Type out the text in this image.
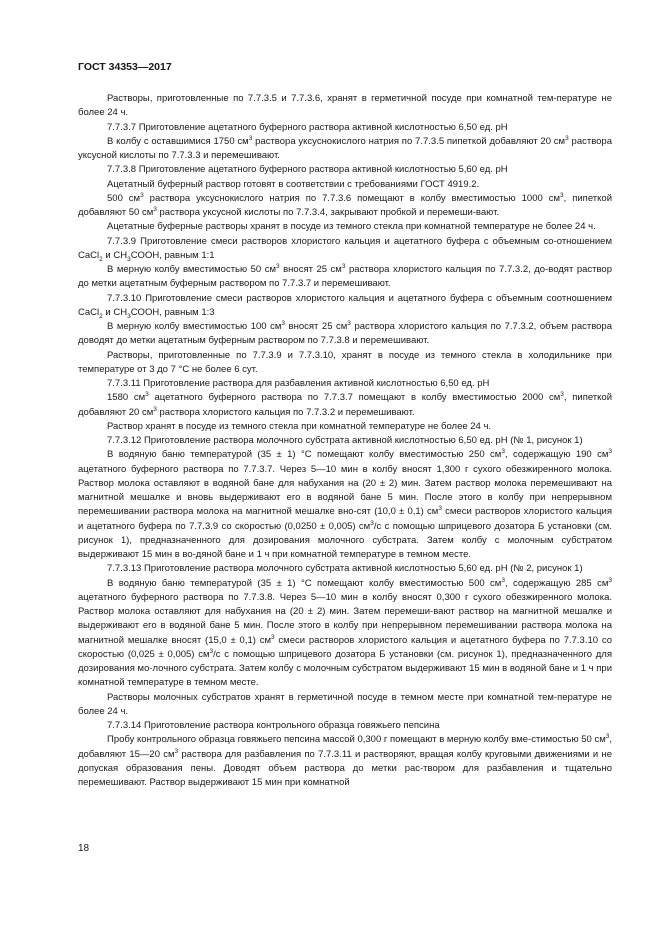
ГОСТ 34353—2017

Растворы, приготовленные по 7.7.3.5 и 7.7.3.6, хранят в герметичной посуде при комнатной тем-пературе не более 24 ч.

7.7.3.7 Приготовление ацетатного буферного раствора активной кислотностью 6,50 ед. рН

В колбу с оставшимися 1750 $см^3$ раствора уксуснокислого натрия по 7.7.3.5 пипеткой добавляют 20 $см^3$ раствора уксусной кислоты по 7.7.3.3 и перемешивают.

7.7.3.8 Приготовление ацетатного буферного раствора активной кислотностью 5,60 ед. рН

Ацетатный буферный раствор готовят в соответствии с требованиями ГОСТ 4919.2.

500 $см^3$ раствора уксуснокислого натрия по 7.7.3.6 помещают в колбу вместимостью 1000 $см^3$, пипеткой добавляют 50 $см^3$ раствора уксусной кислоты по 7.7.3.4, закрывают пробкой и перемеши-вают.

Ацетатные буферные растворы хранят в посуде из темного стекла при комнатной температуре не более 24 ч.

7.7.3.9 Приготовление смеси растворов хлористого кальция и ацетатного буфера с объемным со-отношением CaCl$_2$ и $CH_3COOH$, равным 1:1

В мерную колбу вместимостью 50 $см^3$ вносят 25 $см^3$ раствора хлористого кальция по 7.7.3.2, до-водят раствор до метки ацетатным буферным раствором по 7.7.3.7 и перемешивают.

7.7.3.10 Приготовление смеси растворов хлористого кальция и ацетатного буфера с объемным соотношением CaCl$_2$ и $CH_3COOH$, равным 1:3

В мерную колбу вместимостью 100 $см^3$ вносят 25 $см^3$ раствора хлористого кальция по 7.7.3.2, объем раствора доводят до метки ацетатным буферным раствором по 7.7.3.8 и перемешивают.

Растворы, приготовленные по 7.7.3.9 и 7.7.3.10, хранят в посуде из темного стекла в холодильнике при температуре от 3 до 7 °С не более 6 сут.

7.7.3.11 Приготовление раствора для разбавления активной кислотностью 6,50 ед. рН

1580 $см^3$ ацетатного буферного раствора по 7.7.3.7 помещают в колбу вместимостью 2000 $см^3$, пипеткой добавляют 20 $см^3$ раствора хлористого кальция по 7.7.3.2 и перемешивают.

Раствор хранят в посуде из темного стекла при комнатной температуре не более 24 ч.

7.7.3.12 Приготовление раствора молочного субстрата активной кислотностью 6,50 ед. рН (№ 1, рисунок 1)

В водяную баню температурой (35 ± 1) °С помещают колбу вместимостью 250 $см^3$, содержащую 190 $см^3$ ацетатного буферного раствора по 7.7.3.7. Через 5—10 мин в колбу вносят 1,300 г сухого обезжиренного молока. Раствор молока оставляют в водяной бане для набухания на (20 ± 2) мин. Затем раствор молока перемешивают на магнитной мешалке и вновь выдерживают его в водяной бане 5 мин. После этого в колбу при непрерывном перемешивании раствора молока на магнитной мешалке вно-сят (10,0 ± 0,1) $см^3$ смеси растворов хлористого кальция и ацетатного буфера по 7.7.3.9 со скоростью (0,0250 ± 0,005) $см^3/с$ с помощью шприцевого дозатора Б установки (см. рисунок 1), предназначенного для дозирования молочного субстрата. Затем колбу с молочным субстратом выдерживают 15 мин в во-дяной бане и 1 ч при комнатной температуре в темном месте.

7.7.3.13 Приготовление раствора молочного субстрата активной кислотностью 5,60 ед. рН (№ 2, рисунок 1)

В водяную баню температурой (35 ± 1) °С помещают колбу вместимостью 500 $см^3$, содержащую 285 $см^3$ ацетатного буферного раствора по 7.7.3.8. Через 5—10 мин в колбу вносят 0,300 г сухого обезжиренного молока. Раствор молока оставляют для набухания на (20 ± 2) мин. Затем перемеши-вают раствор на магнитной мешалке и выдерживают его в водяной бане 5 мин. После этого в колбу при непрерывном перемешивании раствора молока на магнитной мешалке вносят (15,0 ± 0,1) $см^3$ смеси растворов хлористого кальция и ацетатного буфера по 7.7.3.10 со скоростью (0,025 ± 0,005) $см^3/с$ с помощью шприцевого дозатора Б установки (см. рисунок 1), предназначенного для дозирования мо-лочного субстрата. Затем колбу с молочным субстратом выдерживают 15 мин в водяной бане и 1 ч при комнатной температуре в темном месте.

Растворы молочных субстратов хранят в герметичной посуде в темном месте при комнатной тем-пературе не более 24 ч.

7.7.3.14 Приготовление раствора контрольного образца говяжьего пепсина

Пробу контрольного образца говяжьего пепсина массой 0,300 г помещают в мерную колбу вме-стимостью 50 $см^3$, добавляют 15—20 $см^3$ раствора для разбавления по 7.7.3.11 и растворяют, вращая колбу круговыми движениями и не допуская образования пены. Доводят объем раствора до метки рас-твором для разбавления и тщательно перемешивают. Раствор выдерживают 15 мин при комнатной

18
